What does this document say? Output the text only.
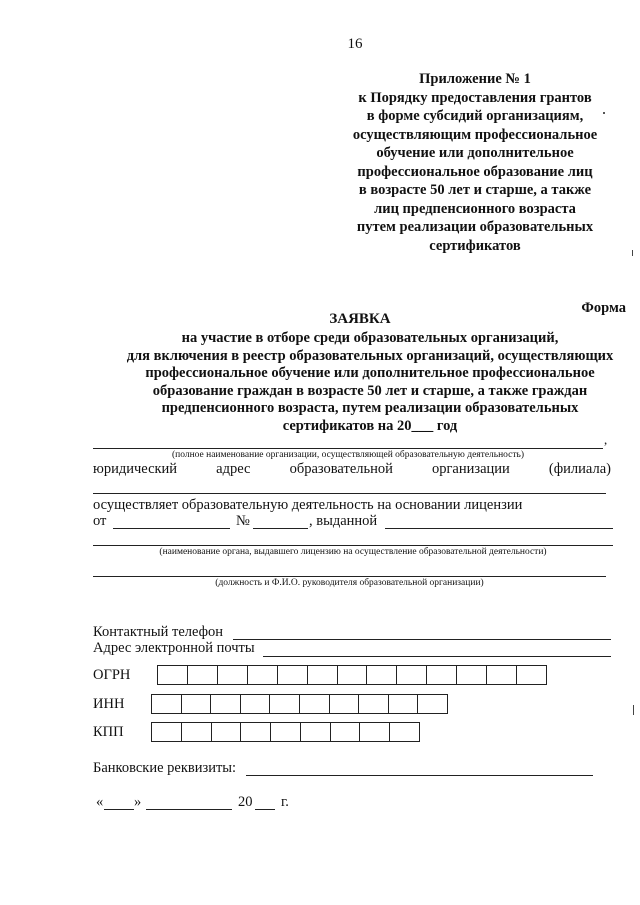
16
Приложение № 1
к Порядку предоставления грантов
в форме субсидий организациям,
осуществляющим профессиональное
обучение или дополнительное
профессиональное образование лиц
в возрасте 50 лет и старше, а также
лиц предпенсионного возраста
путем реализации образовательных
сертификатов
Форма
ЗАЯВКА
на участие в отборе среди образовательных организаций,
для включения в реестр образовательных организаций, осуществляющих
профессиональное обучение или дополнительное профессиональное
образование граждан в возрасте 50 лет и старше, а также граждан
предпенсионного возраста, путем реализации образовательных
сертификатов на 20___ год
,
(полное наименование организации, осуществляющей образовательную деятельность)
юридический	адрес	образовательной	организации	(филиала)
осуществляет образовательную деятельность на основании лицензии
от	№	, выданной
(наименование органа, выдавшего лицензию на осуществление образовательной деятельности)
(должность и Ф.И.О. руководителя образовательной организации)
Контактный телефон
Адрес электронной почты
ОГРН
ИНН
КПП
Банковские реквизиты:
« »	20 г.
